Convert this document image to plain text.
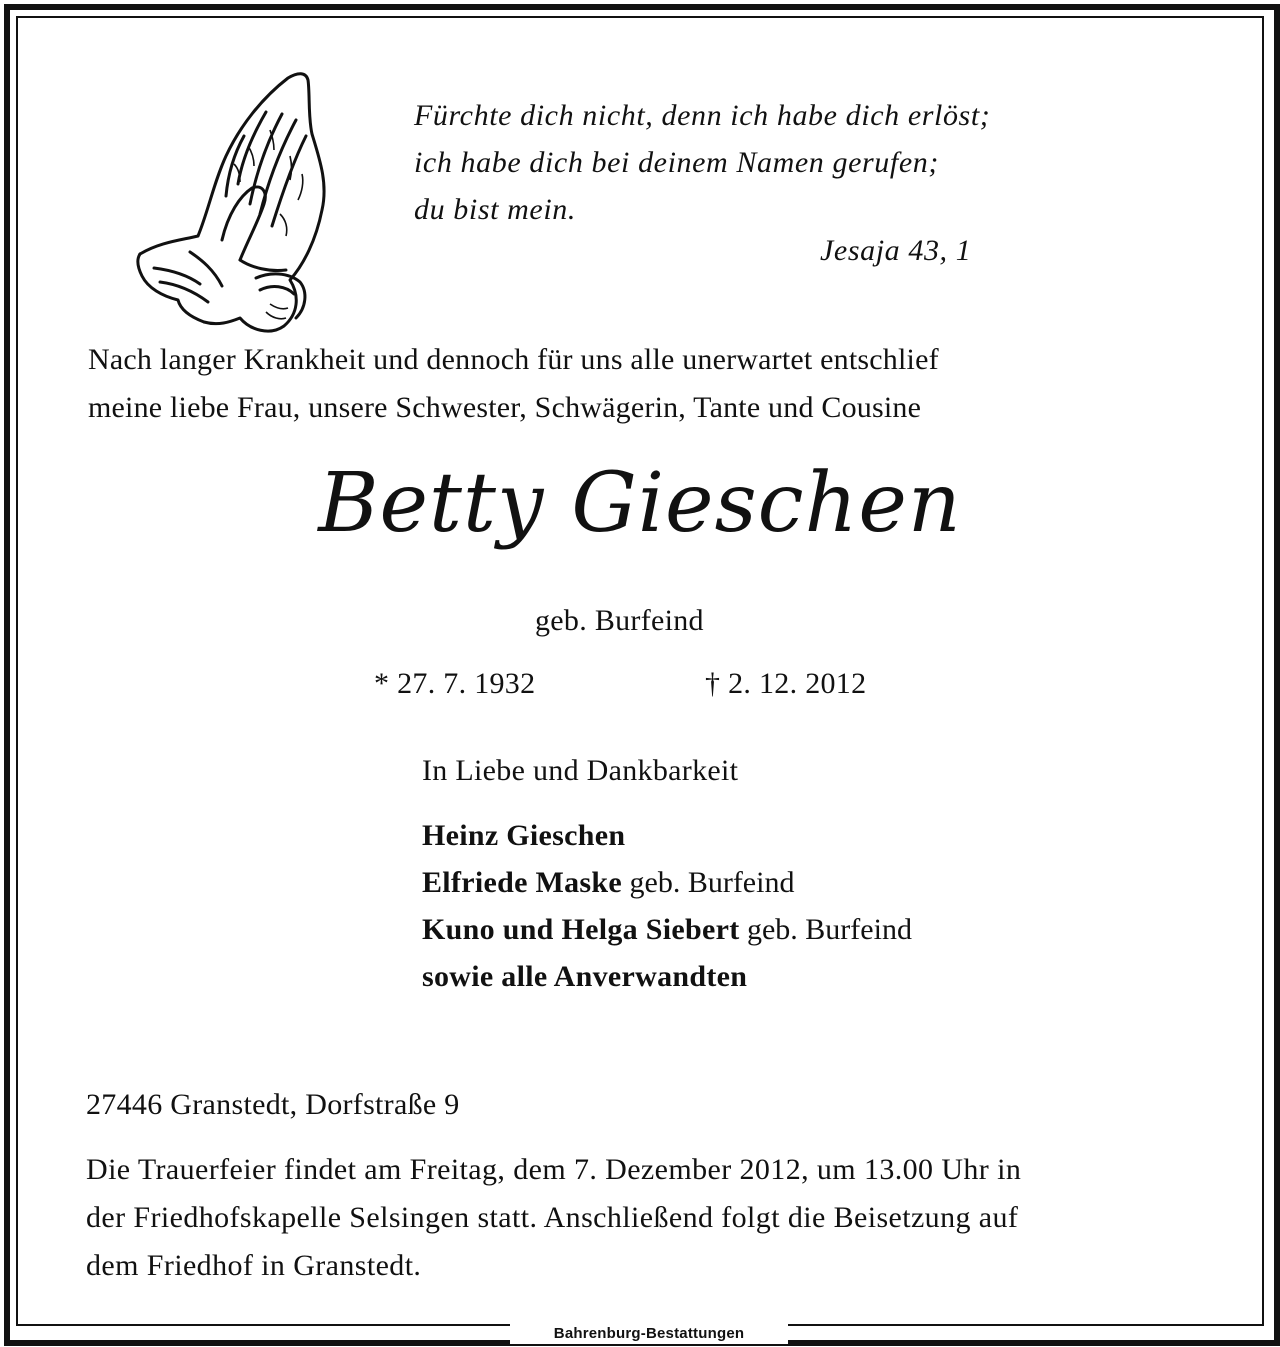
Bahrenburg-Bestattungen
Fürchte dich nicht, denn ich habe dich erlöst;
ich habe dich bei deinem Namen gerufen;
du bist mein.
Jesaja 43, 1
Nach langer Krankheit und dennoch für uns alle unerwartet entschlief
meine liebe Frau, unsere Schwester, Schwägerin, Tante und Cousine
Betty Gieschen
geb. Burfeind
* 27. 7. 1932	† 2. 12. 2012
In Liebe und Dankbarkeit
Heinz Gieschen
Elfriede Maske geb. Burfeind
Kuno und Helga Siebert geb. Burfeind
sowie alle Anverwandten
27446 Granstedt, Dorfstraße 9
Die Trauerfeier findet am Freitag, dem 7. Dezember 2012, um 13.00 Uhr in
der Friedhofskapelle Selsingen statt. Anschließend folgt die Beisetzung auf
dem Friedhof in Granstedt.
